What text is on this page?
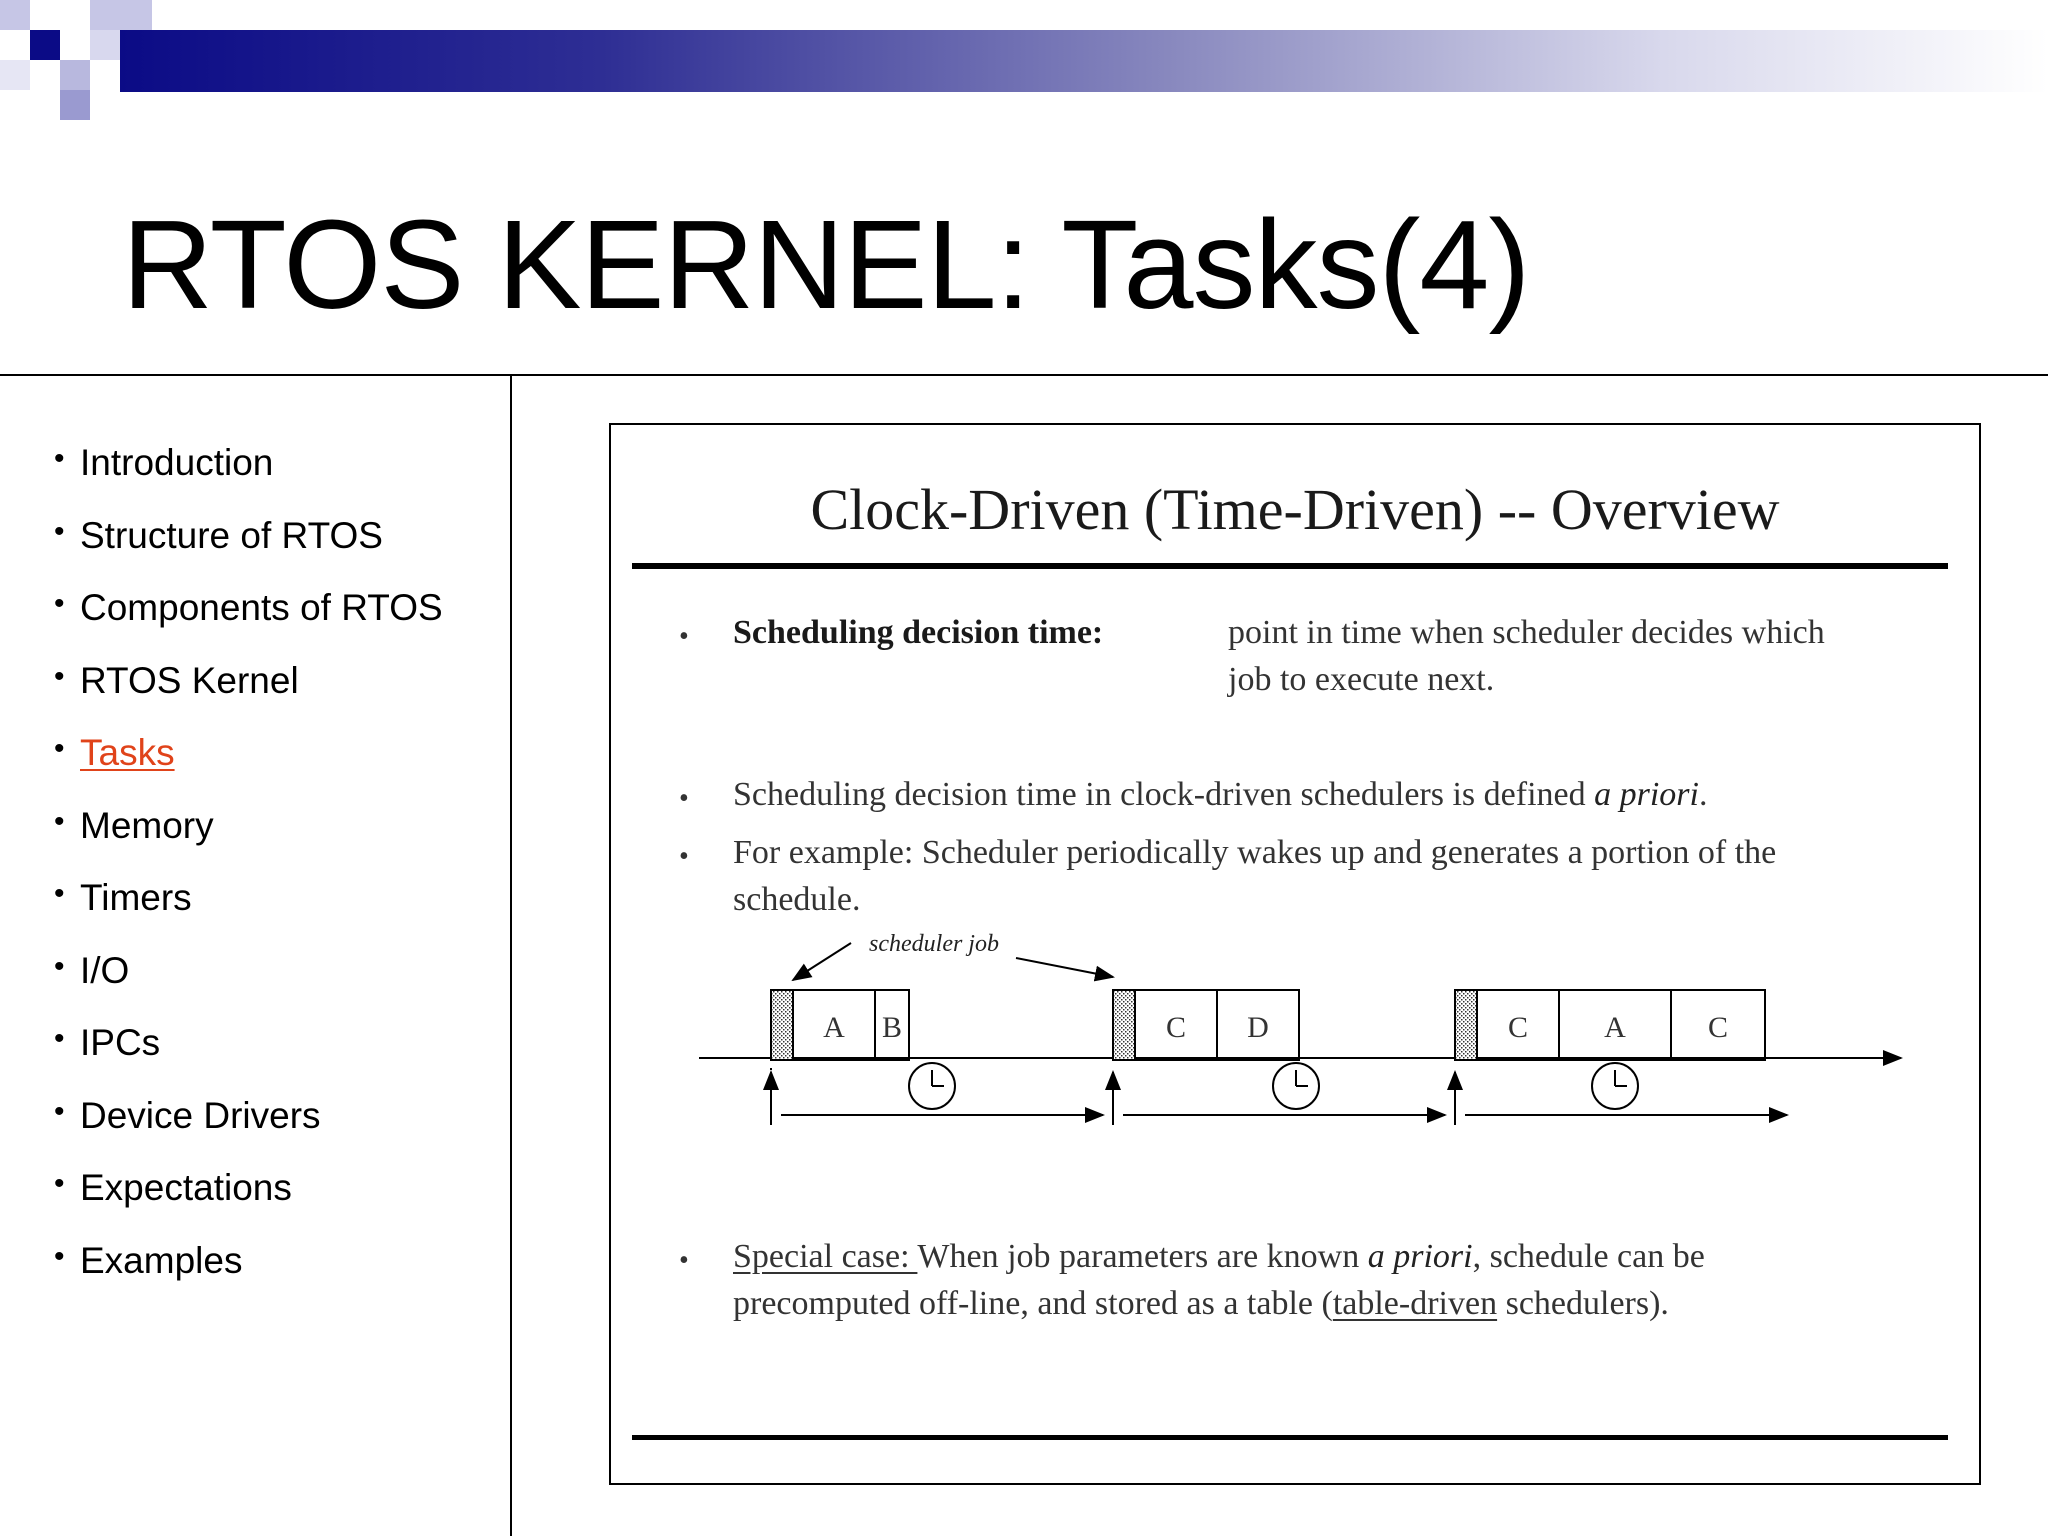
RTOS KERNEL: Tasks(4)
• Introduction
• Structure of RTOS
• Components of RTOS
• RTOS Kernel
• Tasks
• Memory
• Timers
• I/O
• IPCs
• Device Drivers
• Expectations
• Examples
Clock-Driven (Time-Driven) -- Overview
• Scheduling decision time:	point in time when scheduler decides which
job to execute next.
• Scheduling decision time in clock-driven schedulers is defined a priori.
• For example: Scheduler periodically wakes up and generates a portion of the
schedule.
scheduler job
A B	C D	C	A	C
• Special case: When job parameters are known a priori, schedule can be
precomputed off-line, and stored as a table (table-driven schedulers).
